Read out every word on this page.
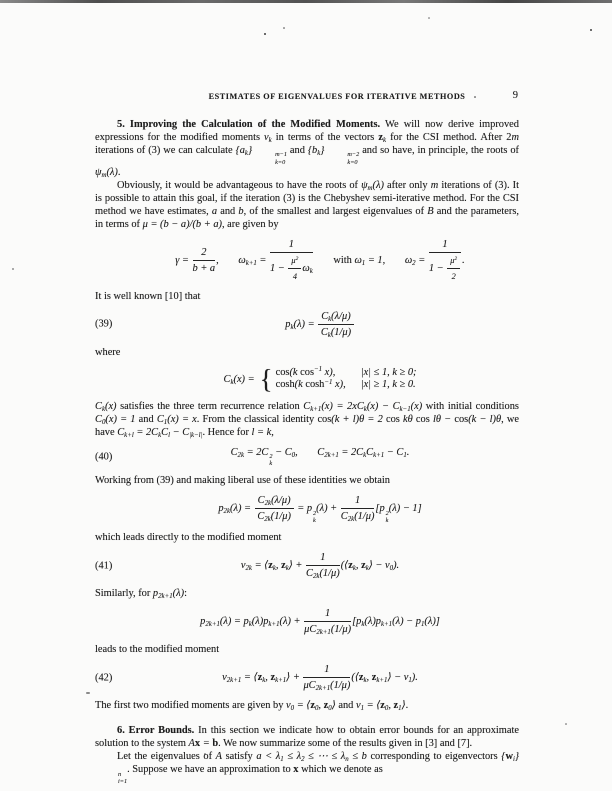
ESTIMATES OF EIGENVALUES FOR ITERATIVE METHODS	9

5. Improving the Calculation of the Modified Moments. We will now derive improved expressions for the modified moments $\nu_k$ in terms of the vectors $z_k$ for the CSI method. After 2m iterations of (3) we can calculate $\{a_k\}$	m−1
k=0
and $\{b_k\}$	m−2
k=0
and so have, in principle, the roots of $\psi_m(\lambda)$.

Obviously, it would be advantageous to have the roots of $\psi_m(\lambda)$ after only m iterations of (3). It is possible to attain this goal, if the iteration (3) is the Chebyshev semi-iterative method. For the CSI method we have estimates, a and b, of the smallest and largest eigenvalues of B and the parameters, in terms of μ = (b − a)/(b + a), are given by

$\gamma = \frac{2}{b + a}$ , $\omega_{k+1} = \frac{1}{1 - \frac{\mu^2}{4} \omega_k}$ with $\omega_1 = 1$, $\omega_2 = \frac{1}{1 - \frac{\mu^2}{2}}$ .

It is well known [10] that

(39)	$p_k(\lambda) = \frac{C_k(\lambda/\mu)}{C_k(1/\mu)}$

where

$C_k(x)$ = { cos(k $\cos^{-1} x$),	|x| ≤ 1, k ≥ 0;
cosh(k $\cosh^{-1} x$), |x| ≥ 1, k ≥ 0.

$C_k(x)$ satisfies the three term recurrence relation $C_{k+1}(x) = 2xC_k(x) - C_{k-1}(x)$ with initial conditions $C_0(x) = 1$ and $C_1(x) = x$. From the classical identity cos(k + l)θ = 2 cos kθ cos lθ − cos(k − l)θ, we have $C_{k+l} = 2C_kC_l - C_{|k-l|}$. Hence for l = k,

(40)	$C_{2k} = 2C$ 2
k
− $C_0$, $C_{2k+1} = 2C_kC_{k+1} - C_1$.

Working from (39) and making liberal use of these identities we obtain

$p_{2k}(\lambda) = \frac{C_{2k}(\lambda/\mu)}{C_{2k}(1/\mu)} = p$ 2
k
$(\lambda) + \frac{1}{C_{2k}(1/\mu)} [p$ 2
k
(λ) − 1]

which leads directly to the modified moment

(41)	$\nu_{2k}$ = $⟨z_k$, $z_k⟩ + \frac{1}{C_{2k}(1/\mu)}$ ($⟨z_k$, $z_k⟩ - \nu_0$).

Similarly, for $p_{2k+1}(\lambda)$:

$p_{2k+1}(\lambda) = p_k(\lambda)p_{k+1}(\lambda) + \frac{1}{\mu C_{2k+1}(1/\mu)} [p_k(\lambda)p_{k+1}(\lambda) - p_1(\lambda)]$

leads to the modified moment

(42)	$\nu_{2k+1}$ = $⟨z_k$, $z_{k+1}⟩ + \frac{1}{\mu C_{2k+1}(1/\mu)}$ ($⟨z_k$, $z_{k+1}⟩ - \nu_1$).

The first two modified moments are given by $\nu_0$ = $⟨z_0$, $z_0⟩$ and $\nu_1$ = $⟨z_0$, $z_1⟩$.

6. Error Bounds. In this section we indicate how to obtain error bounds for an approximate solution to the system Ax = b. We now summarize some of the results given in [3] and [7].

Let the eigenvalues of A satisfy $a < \lambda_1 \le \lambda_2$ ≤ ⋯ ≤ $\lambda_n \le b$ corresponding to eigenvectors $\{w_i\}$
n
i=1
. Suppose we have an approximation to x which we denote as
